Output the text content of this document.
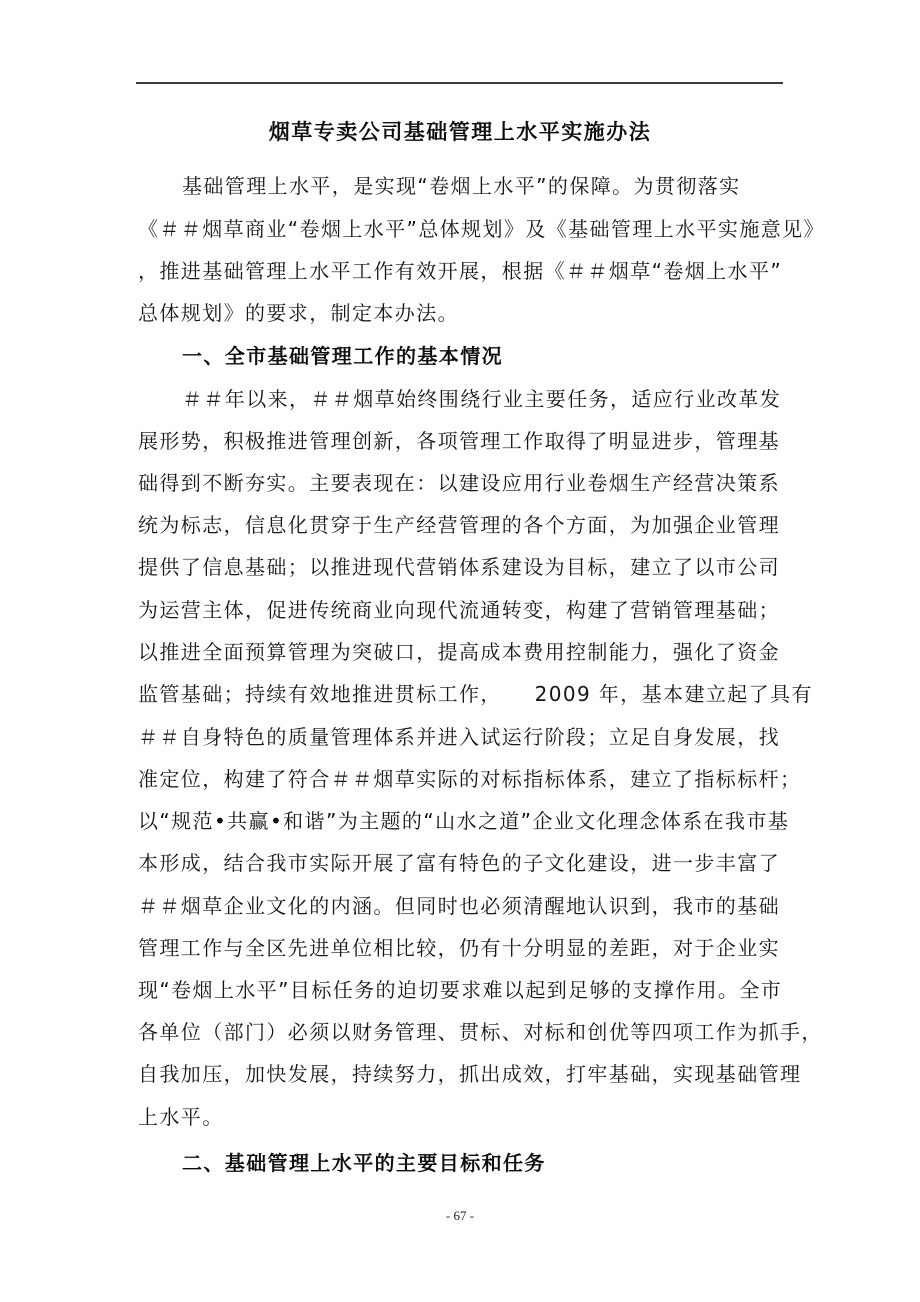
烟草专卖公司基础管理上水平实施办法
基础管理上水平，是实现“卷烟上水平”的保障。为贯彻落实
《＃＃烟草商业“卷烟上水平”总体规划》及《基础管理上水平实施意见》
，推进基础管理上水平工作有效开展，根据《＃＃烟草“卷烟上水平”
总体规划》的要求，制定本办法。
一、全市基础管理工作的基本情况
＃＃年以来，＃＃烟草始终围绕行业主要任务，适应行业改革发
展形势，积极推进管理创新，各项管理工作取得了明显进步，管理基
础得到不断夯实。主要表现在：以建设应用行业卷烟生产经营决策系
统为标志，信息化贯穿于生产经营管理的各个方面，为加强企业管理
提供了信息基础；以推进现代营销体系建设为目标，建立了以市公司
为运营主体，促进传统商业向现代流通转变，构建了营销管理基础；
以推进全面预算管理为突破口，提高成本费用控制能力，强化了资金
监管基础；持续有效地推进贯标工作，　　2009 年，基本建立起了具有
＃＃自身特色的质量管理体系并进入试运行阶段；立足自身发展，找
准定位，构建了符合＃＃烟草实际的对标指标体系，建立了指标标杆；
以“规范•共赢•和谐”为主题的“山水之道”企业文化理念体系在我市基
本形成，结合我市实际开展了富有特色的子文化建设，进一步丰富了
＃＃烟草企业文化的内涵。但同时也必须清醒地认识到，我市的基础
管理工作与全区先进单位相比较，仍有十分明显的差距，对于企业实
现“卷烟上水平”目标任务的迫切要求难以起到足够的支撑作用。全市
各单位（部门）必须以财务管理、贯标、对标和创优等四项工作为抓手，
自我加压，加快发展，持续努力，抓出成效，打牢基础，实现基础管理
上水平。
二、基础管理上水平的主要目标和任务
- 67 -
